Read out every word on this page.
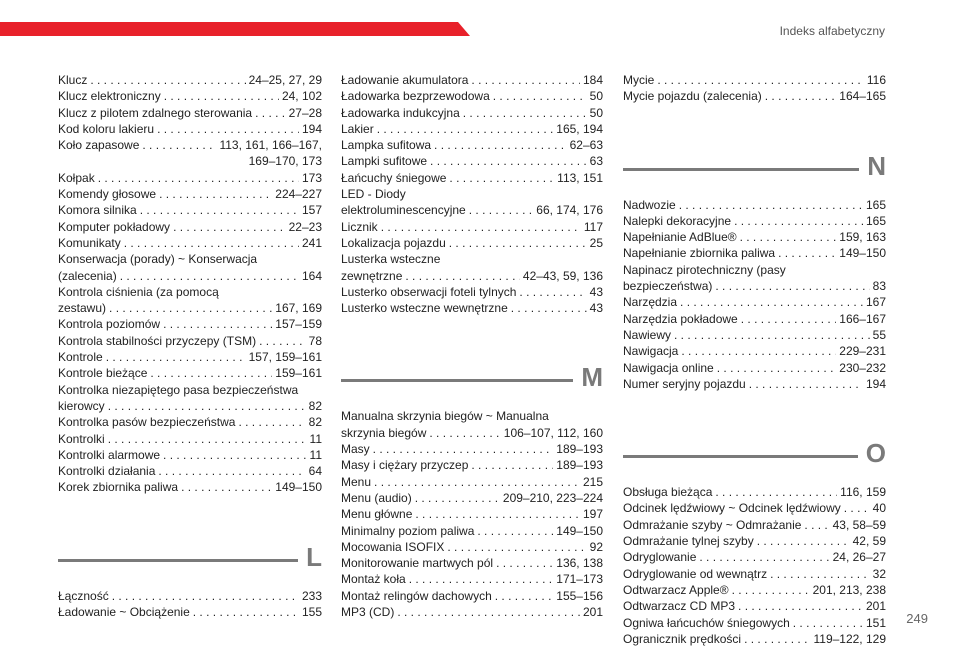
Indeks alfabetyczny
Klucz . . .	24–25, 27, 29
Klucz elektroniczny . . .	24, 102
Klucz z pilotem zdalnego sterowania . . .	27–28
Kod koloru lakieru . . .	194
Koło zapasowe . . .	113, 161, 166–167,
169–170, 173
Kołpak . . .	173
Komendy głosowe . . .	224–227
Komora silnika . . .	157
Komputer pokładowy . . .	22–23
Komunikaty . . .	241
Konserwacja (porady) ~ Konserwacja
(zalecenia) . . .	164
Kontrola ciśnienia (za pomocą
zestawu) . . .	167, 169
Kontrola poziomów . . .	157–159
Kontrola stabilności przyczepy (TSM) . . .	78
Kontrole . . .	157, 159–161
Kontrole bieżące . . .	159–161
Kontrolka niezapiętego pasa bezpieczeństwa
kierowcy . . .	82
Kontrolka pasów bezpieczeństwa . . .	82
Kontrolki . . .	11
Kontrolki alarmowe . . .	11
Kontrolki działania . . .	64
Korek zbiornika paliwa . . .	149–150
L
Łączność . . .	233
Ładowanie ~ Obciążenie . . .	155
Ładowanie akumulatora . . .	184
Ładowarka bezprzewodowa . . .	50
Ładowarka indukcyjna . . .	50
Lakier . . .	165, 194
Lampka sufitowa . . .	62–63
Lampki sufitowe . . .	63
Łańcuchy śniegowe . . .	113, 151
LED - Diody
elektroluminescencyjne . . .	66, 174, 176
Licznik . . .	117
Lokalizacja pojazdu . . .	25
Lusterka wsteczne
zewnętrzne . . .	42–43, 59, 136
Lusterko obserwacji foteli tylnych . . .	43
Lusterko wsteczne wewnętrzne . . .	43
M
Manualna skrzynia biegów ~ Manualna
skrzynia biegów . . .	106–107, 112, 160
Masy . . .	189–193
Masy i ciężary przyczep . . .	189–193
Menu . . .	215
Menu (audio) . . .	209–210, 223–224
Menu główne . . .	197
Minimalny poziom paliwa . . .	149–150
Mocowania ISOFIX . . .	92
Monitorowanie martwych pól . . .	136, 138
Montaż koła . . .	171–173
Montaż relingów dachowych . . .	155–156
MP3 (CD) . . .	201
Mycie . . .	116
Mycie pojazdu (zalecenia) . . .	164–165
N
Nadwozie . . .	165
Nalepki dekoracyjne . . .	165
Napełnianie AdBlue® . . .	159, 163
Napełnianie zbiornika paliwa . . .	149–150
Napinacz pirotechniczny (pasy
bezpieczeństwa) . . .	83
Narzędzia . . .	167
Narzędzia pokładowe . . .	166–167
Nawiewy . . .	55
Nawigacja . . .	229–231
Nawigacja online . . .	230–232
Numer seryjny pojazdu . . .	194
O
Obsługa bieżąca . . .	116, 159
Odcinek lędźwiowy ~ Odcinek lędźwiowy . . .	40
Odmrażanie szyby ~ Odmrażanie . . .	43, 58–59
Odmrażanie tylnej szyby . . .	42, 59
Odryglowanie . . .	24, 26–27
Odryglowanie od wewnątrz . . .	32
Odtwarzacz Apple® . . .	201, 213, 238
Odtwarzacz CD MP3 . . .	201
Ogniwa łańcuchów śniegowych . . .	151
Ogranicznik prędkości . . .	119–122, 129
249
